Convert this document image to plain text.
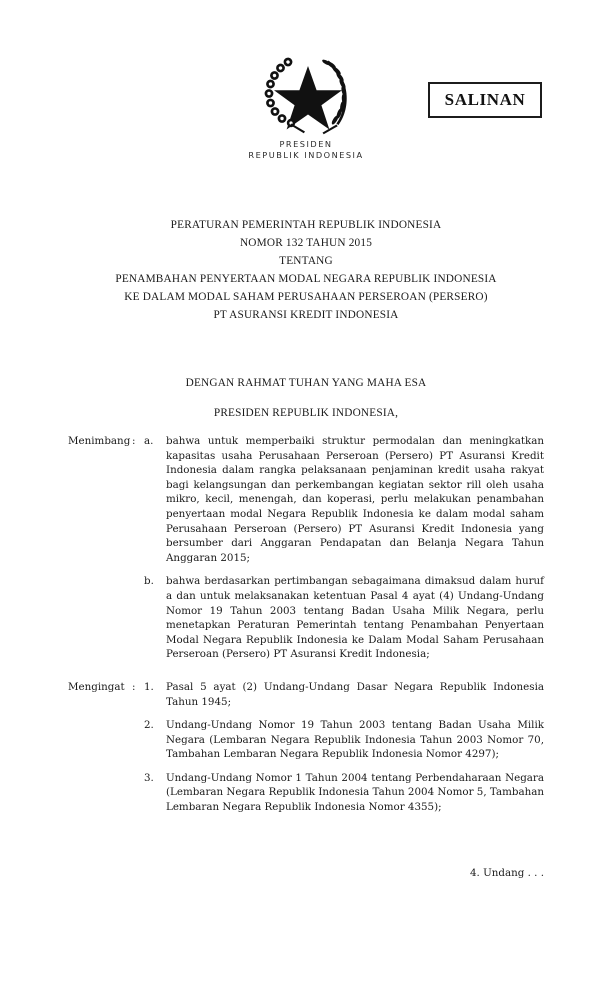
PRESIDEN
REPUBLIK INDONESIA
SALINAN
PERATURAN PEMERINTAH REPUBLIK INDONESIA
NOMOR 132 TAHUN 2015
TENTANG
PENAMBAHAN PENYERTAAN MODAL NEGARA REPUBLIK INDONESIA
KE DALAM MODAL SAHAM PERUSAHAAN PERSEROAN (PERSERO)
PT ASURANSI KREDIT INDONESIA
DENGAN RAHMAT TUHAN YANG MAHA ESA
PRESIDEN REPUBLIK INDONESIA,
Menimbang : a.	bahwa untuk memperbaiki struktur permodalan dan meningkatkan kapasitas usaha Perusahaan Perseroan (Persero) PT Asuransi Kredit Indonesia dalam rangka pelaksanaan penjaminan kredit usaha rakyat bagi kelangsungan dan perkembangan kegiatan sektor rill oleh usaha mikro, kecil, menengah, dan koperasi, perlu melakukan penambahan penyertaan modal Negara Republik Indonesia ke dalam modal saham Perusahaan Perseroan (Persero) PT Asuransi Kredit Indonesia yang bersumber dari Anggaran Pendapatan dan Belanja Negara Tahun Anggaran 2015;
b.	bahwa berdasarkan pertimbangan sebagaimana dimaksud dalam huruf a dan untuk melaksanakan ketentuan Pasal 4 ayat (4) Undang-Undang Nomor 19 Tahun 2003 tentang Badan Usaha Milik Negara, perlu menetapkan Peraturan Pemerintah tentang Penambahan Penyertaan Modal Negara Republik Indonesia ke Dalam Modal Saham Perusahaan Perseroan (Persero) PT Asuransi Kredit Indonesia;
Mengingat : 1.	Pasal 5 ayat (2) Undang-Undang Dasar Negara Republik Indonesia Tahun 1945;
2.	Undang-Undang Nomor 19 Tahun 2003 tentang Badan Usaha Milik Negara (Lembaran Negara Republik Indonesia Tahun 2003 Nomor 70, Tambahan Lembaran Negara Republik Indonesia Nomor 4297);
3.	Undang-Undang Nomor 1 Tahun 2004 tentang Perbendaharaan Negara (Lembaran Negara Republik Indonesia Tahun 2004 Nomor 5, Tambahan Lembaran Negara Republik Indonesia Nomor 4355);
4. Undang . . .
